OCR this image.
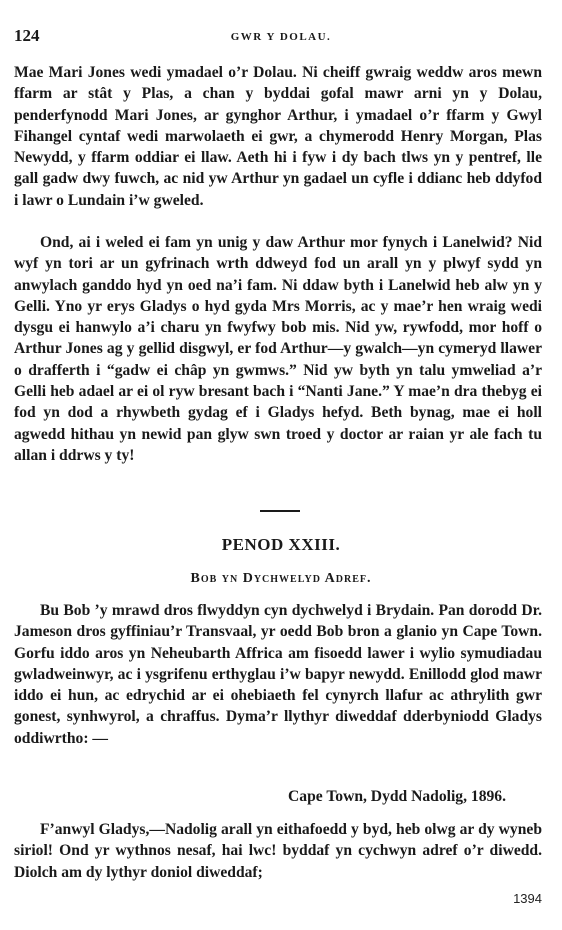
124	GWR Y DOLAU.
Mae Mari Jones wedi ymadael o’r Dolau. Ni cheiff gwraig weddw aros mewn ffarm ar stât y Plas, a chan y byddai gofal mawr arni yn y Dolau, penderfynodd Mari Jones, ar gynghor Arthur, i ymadael o’r ffarm y Gwyl Fihangel cyntaf wedi marwolaeth ei gwr, a chymerodd Henry Morgan, Plas Newydd, y ffarm oddiar ei llaw. Aeth hi i fyw i dy bach tlws yn y pentref, lle gall gadw dwy fuwch, ac nid yw Arthur yn gadael un cyfle i ddianc heb ddyfod i lawr o Lundain i’w gweled.
Ond, ai i weled ei fam yn unig y daw Arthur mor fynych i Lanelwid? Nid wyf yn tori ar un gyfrinach wrth ddweyd fod un arall yn y plwyf sydd yn anwylach ganddo hyd yn oed na’i fam. Ni ddaw byth i Lanelwid heb alw yn y Gelli. Yno yr erys Gladys o hyd gyda Mrs Morris, ac y mae’r hen wraig wedi dysgu ei hanwylo a’i charu yn fwyfwy bob mis. Nid yw, rywfodd, mor hoff o Arthur Jones ag y gellid disgwyl, er fod Arthur—y gwalch—yn cymeryd llawer o drafferth i “gadw ei châp yn gwmws.” Nid yw byth yn talu ymweliad a’r Gelli heb adael ar ei ol ryw bresant bach i “Nanti Jane.” Y mae’n dra thebyg ei fod yn dod a rhywbeth gydag ef i Gladys hefyd. Beth bynag, mae ei holl agwedd hithau yn newid pan glyw swn troed y doctor ar raian yr ale fach tu allan i ddrws y ty!
PENOD XXIII.
Bob yn Dychwelyd Adref.
Bu Bob ’y mrawd dros flwyddyn cyn dychwelyd i Brydain. Pan dorodd Dr. Jameson dros gyffiniau’r Transvaal, yr oedd Bob bron a glanio yn Cape Town. Gorfu iddo aros yn Neheubarth Affrica am fisoedd lawer i wylio symudiadau gwladweinwyr, ac i ysgrifenu erthyglau i’w bapyr newydd. Enillodd glod mawr iddo ei hun, ac edrychid ar ei ohebiaeth fel cynyrch llafur ac athrylith gwr gonest, synhwyrol, a chraffus. Dyma’r llythyr diweddaf dderbyniodd Gladys oddiwrtho: —
Cape Town, Dydd Nadolig, 1896.
F’anwyl Gladys,—Nadolig arall yn eithafoedd y byd, heb olwg ar dy wyneb siriol! Ond yr wythnos nesaf, hai lwc! byddaf yn cychwyn adref o’r diwedd. Diolch am dy lythyr doniol diweddaf;
1394
